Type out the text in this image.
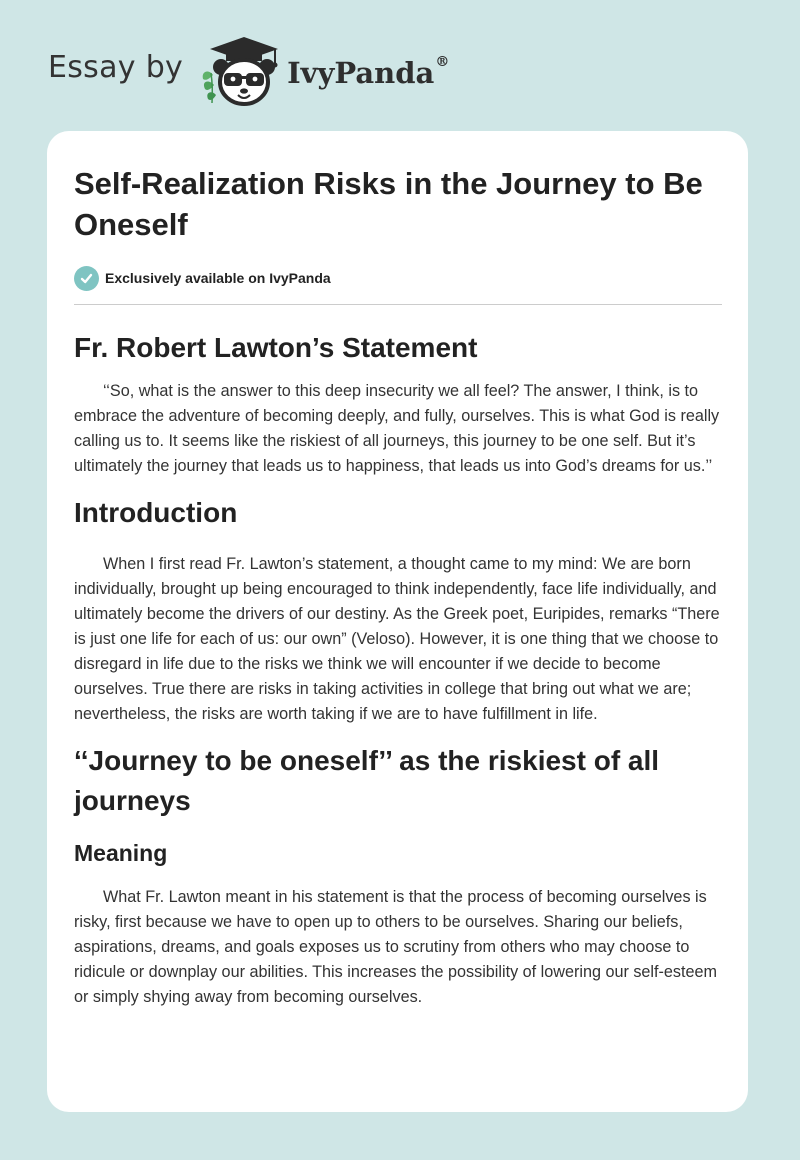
Essay by	IvyPanda®
Self-Realization Risks in the Journey to Be Oneself
Exclusively available on IvyPanda
Fr. Robert Lawton’s Statement

‘‘So, what is the answer to this deep insecurity we all feel? The answer, I think, is to embrace the adventure of becoming deeply, and fully, ourselves. This is what God is really calling us to. It seems like the riskiest of all journeys, this journey to be one self. But it’s ultimately the journey that leads us to happiness, that leads us into God’s dreams for us.’’

Introduction

When I first read Fr. Lawton’s statement, a thought came to my mind: We are born individually, brought up being encouraged to think independently, face life individually, and ultimately become the drivers of our destiny. As the Greek poet, Euripides, remarks “There is just one life for each of us: our own” (Veloso). However, it is one thing that we choose to disregard in life due to the risks we think we will encounter if we decide to become ourselves. True there are risks in taking activities in college that bring out what we are; nevertheless, the risks are worth taking if we are to have fulfillment in life.

‘‘Journey to be oneself’’ as the riskiest of all journeys
Meaning

What Fr. Lawton meant in his statement is that the process of becoming ourselves is risky, first because we have to open up to others to be ourselves. Sharing our beliefs, aspirations, dreams, and goals exposes us to scrutiny from others who may choose to ridicule or downplay our abilities. This increases the possibility of lowering our self-esteem or simply shying away from becoming ourselves.
